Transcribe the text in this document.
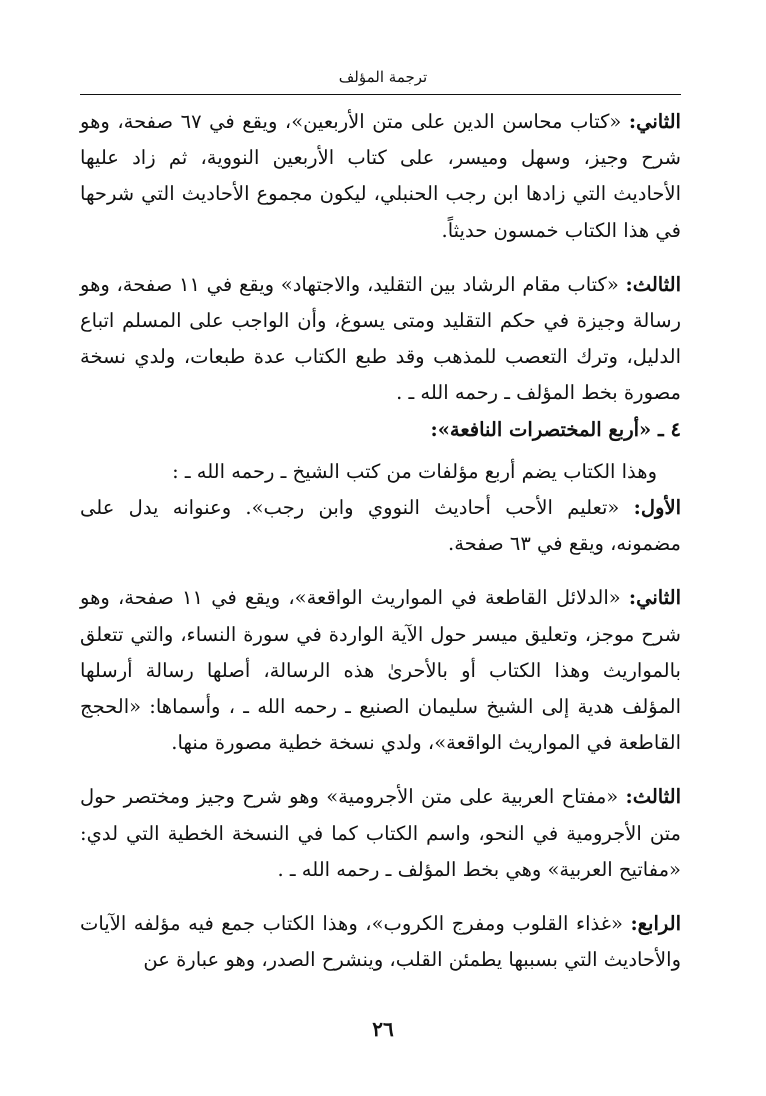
ترجمة المؤلف

الثاني: «كتاب محاسن الدين على متن الأربعين»، ويقع في ٦٧ صفحة، وهو شرح وجيز، وسهل وميسر، على كتاب الأربعين النووية، ثم زاد عليها الأحاديث التي زادها ابن رجب الحنبلي، ليكون مجموع الأحاديث التي شرحها في هذا الكتاب خمسون حديثاً.

الثالث: «كتاب مقام الرشاد بين التقليد، والاجتهاد» ويقع في ١١ صفحة، وهو رسالة وجيزة في حكم التقليد ومتى يسوغ، وأن الواجب على المسلم اتباع الدليل، وترك التعصب للمذهب وقد طبع الكتاب عدة طبعات، ولدي نسخة مصورة بخط المؤلف ـ رحمه الله ـ .

٤ ـ «أربع المختصرات النافعة»:

وهذا الكتاب يضم أربع مؤلفات من كتب الشيخ ـ رحمه الله ـ :

الأول: «تعليم الأحب أحاديث النووي وابن رجب». وعنوانه يدل على مضمونه، ويقع في ٦٣ صفحة.

الثاني: «الدلائل القاطعة في المواريث الواقعة»، ويقع في ١١ صفحة، وهو شرح موجز، وتعليق ميسر حول الآية الواردة في سورة النساء، والتي تتعلق بالمواريث وهذا الكتاب أو بالأحرىٰ هذه الرسالة، أصلها رسالة أرسلها المؤلف هدية إلى الشيخ سليمان الصنيع ـ رحمه الله ـ ، وأسماها: «الحجج القاطعة في المواريث الواقعة»، ولدي نسخة خطية مصورة منها.

الثالث: «مفتاح العربية على متن الأجرومية» وهو شرح وجيز ومختصر حول متن الأجرومية في النحو، واسم الكتاب كما في النسخة الخطية التي لدي: «مفاتيح العربية» وهي بخط المؤلف ـ رحمه الله ـ .

الرابع: «غذاء القلوب ومفرج الكروب»، وهذا الكتاب جمع فيه مؤلفه الآيات والأحاديث التي بسببها يطمئن القلب، وينشرح الصدر، وهو عبارة عن

٢٦
